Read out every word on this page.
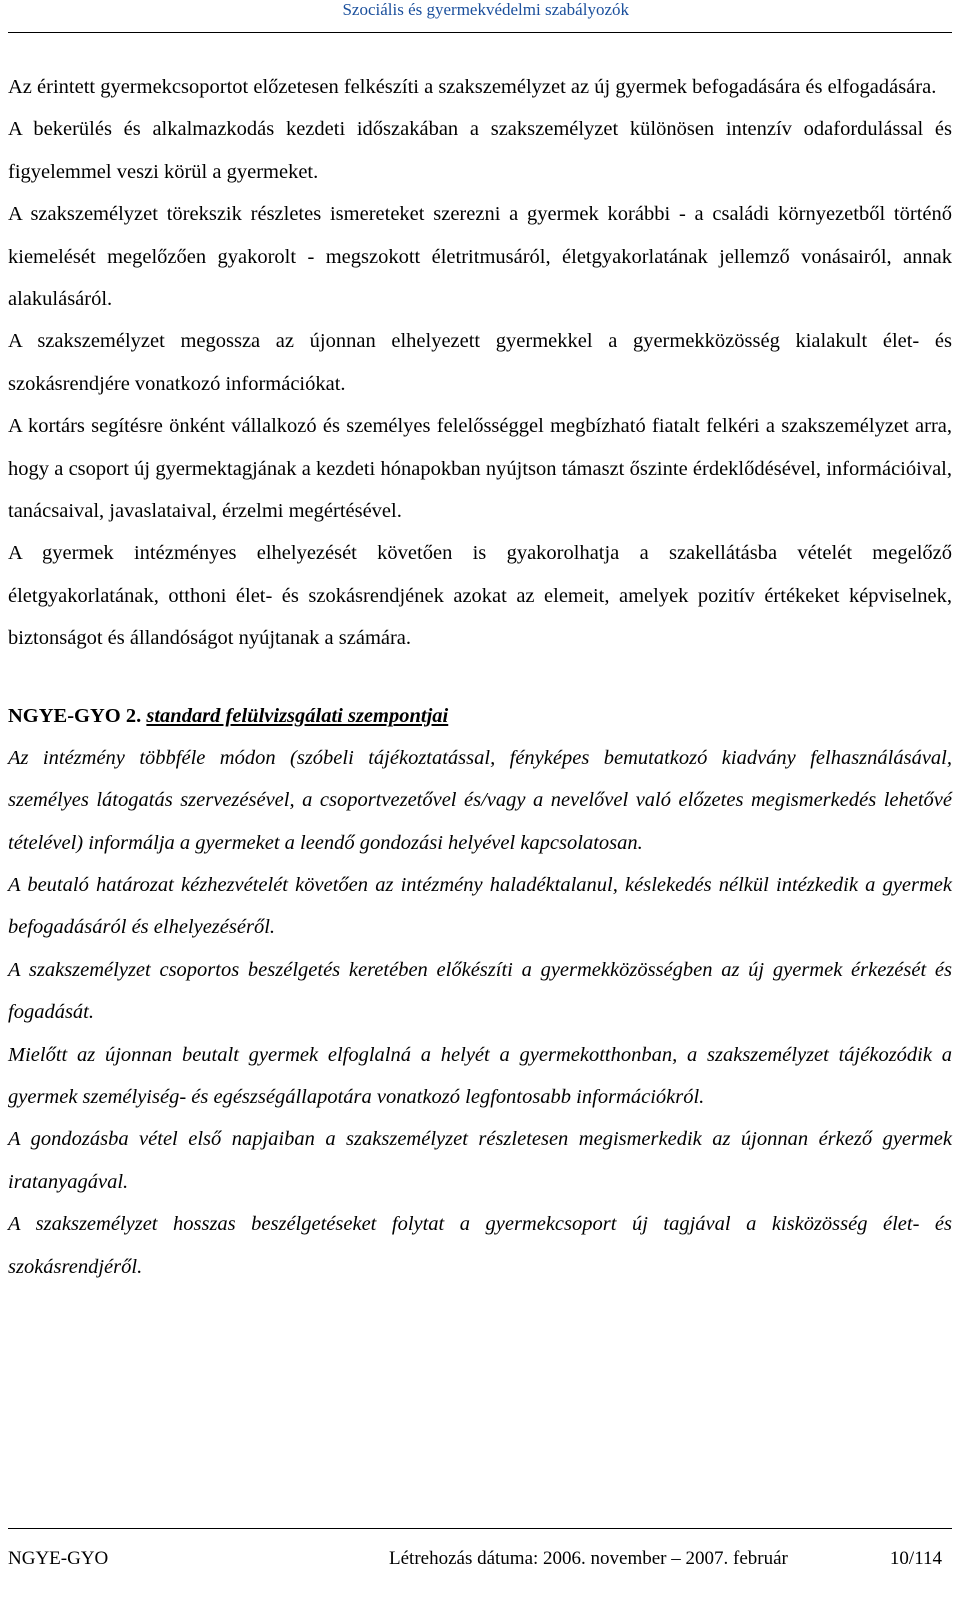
Szociális és gyermekvédelmi szabályozók

Az érintett gyermekcsoportot előzetesen felkészíti a szakszemélyzet az új gyermek befogadására és elfogadására.

A bekerülés és alkalmazkodás kezdeti időszakában a szakszemélyzet különösen intenzív odafordulással és figyelemmel veszi körül a gyermeket.

A szakszemélyzet törekszik részletes ismereteket szerezni a gyermek korábbi - a családi környezetből történő kiemelését megelőzően gyakorolt - megszokott életritmusáról, életgyakorlatának jellemző vonásairól, annak alakulásáról.

A szakszemélyzet megossza az újonnan elhelyezett gyermekkel a gyermekközösség kialakult élet- és szokásrendjére vonatkozó információkat.

A kortárs segítésre önként vállalkozó és személyes felelősséggel megbízható fiatalt felkéri a szakszemélyzet arra, hogy a csoport új gyermektagjának a kezdeti hónapokban nyújtson támaszt őszinte érdeklődésével, információival, tanácsaival, javaslataival, érzelmi megértésével.

A gyermek intézményes elhelyezését követően is gyakorolhatja a szakellátásba vételét megelőző életgyakorlatának, otthoni élet- és szokásrendjének azokat az elemeit, amelyek pozitív értékeket képviselnek, biztonságot és állandóságot nyújtanak a számára.

NGYE-GYO 2. standard felülvizsgálati szempontjai

Az intézmény többféle módon (szóbeli tájékoztatással, fényképes bemutatkozó kiadvány felhasználásával, személyes látogatás szervezésével, a csoportvezetővel és/vagy a nevelővel való előzetes megismerkedés lehetővé tételével) informálja a gyermeket a leendő gondozási helyével kapcsolatosan.

A beutaló határozat kézhezvételét követően az intézmény haladéktalanul, késlekedés nélkül intézkedik a gyermek befogadásáról és elhelyezéséről.

A szakszemélyzet csoportos beszélgetés keretében előkészíti a gyermekközösségben az új gyermek érkezését és fogadását.

Mielőtt az újonnan beutalt gyermek elfoglalná a helyét a gyermekotthonban, a szakszemélyzet tájékozódik a gyermek személyiség- és egészségállapotára vonatkozó legfontosabb információkról.

A gondozásba vétel első napjaiban a szakszemélyzet részletesen megismerkedik az újonnan érkező gyermek iratanyagával.

A szakszemélyzet hosszas beszélgetéseket folytat a gyermekcsoport új tagjával a kisközösség élet- és szokásrendjéről.

NGYE-GYO	Létrehozás dátuma: 2006. november – 2007. február	10/114
